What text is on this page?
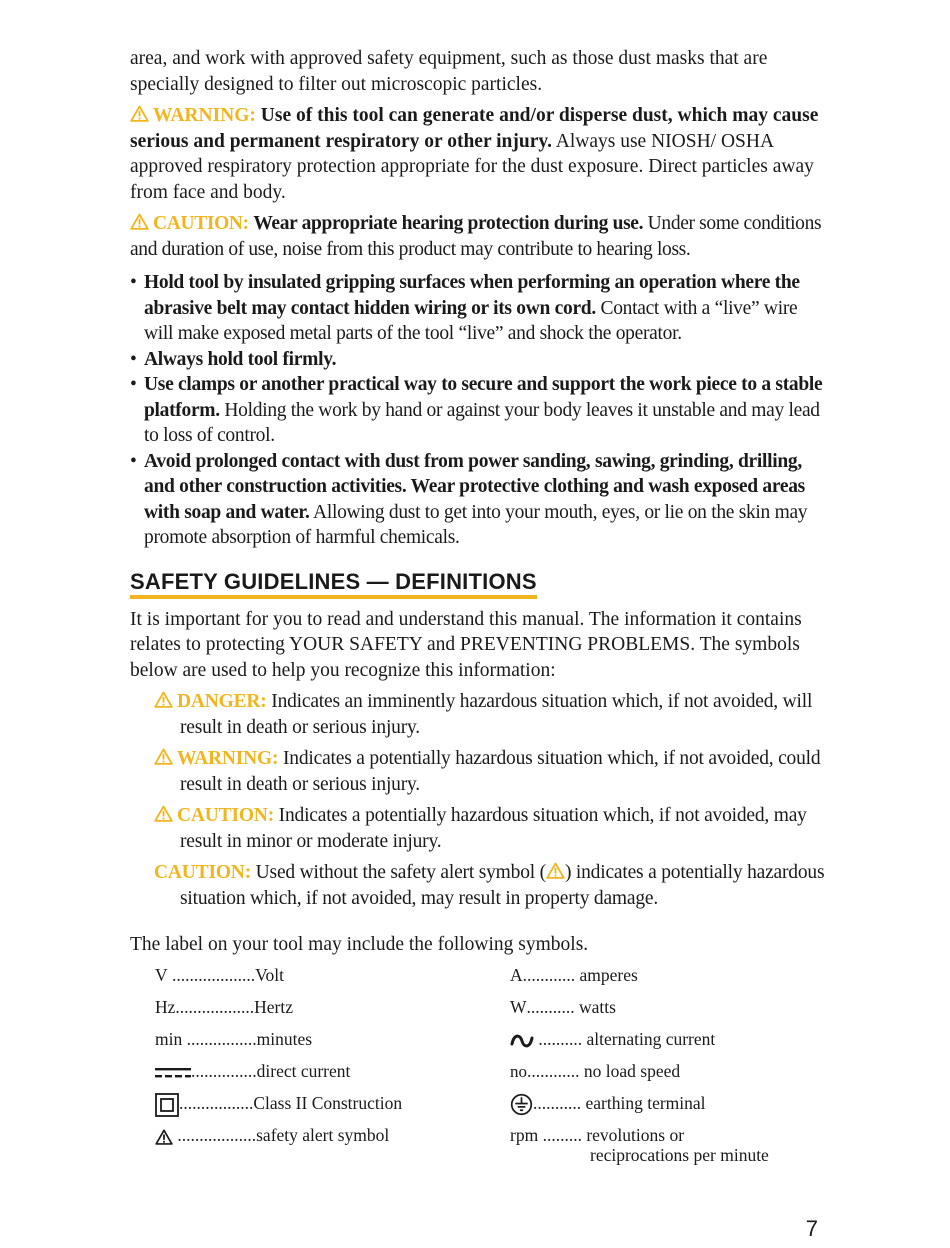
area, and work with approved safety equipment, such as those dust masks that are specially designed to filter out microscopic particles.

WARNING: Use of this tool can generate and/or disperse dust, which may cause serious and permanent respiratory or other injury. Always use NIOSH/ OSHA approved respiratory protection appropriate for the dust exposure. Direct particles away from face and body.

CAUTION: Wear appropriate hearing protection during use. Under some conditions and duration of use, noise from this product may contribute to hearing loss.

• Hold tool by insulated gripping surfaces when performing an operation where the abrasive belt may contact hidden wiring or its own cord. Contact with a “live” wire will make exposed metal parts of the tool “live” and shock the operator.
• Always hold tool firmly.
• Use clamps or another practical way to secure and support the work piece to a stable platform. Holding the work by hand or against your body leaves it unstable and may lead to loss of control.
• Avoid prolonged contact with dust from power sanding, sawing, grinding, drilling, and other construction activities. Wear protective clothing and wash exposed areas with soap and water. Allowing dust to get into your mouth, eyes, or lie on the skin may promote absorption of harmful chemicals.
SAFETY GUIDELINES — DEFINITIONS

It is important for you to read and understand this manual. The information it contains relates to protecting YOUR SAFETY and PREVENTING PROBLEMS. The symbols below are used to help you recognize this information:

DANGER: Indicates an imminently hazardous situation which, if not avoided, will result in death or serious injury.

WARNING: Indicates a potentially hazardous situation which, if not avoided, could result in death or serious injury.

CAUTION: Indicates a potentially hazardous situation which, if not avoided, may result in minor or moderate injury.

CAUTION: Used without the safety alert symbol ( ) indicates a potentially hazardous situation which, if not avoided, may result in property damage.

The label on your tool may include the following symbols.

V ...................Volt
Hz..................Hertz
min ................minutes
...............direct current
.................Class II Construction
..................safety alert symbol
A............ amperes
W........... watts
.......... alternating current
no............ no load speed
........... earthing terminal
rpm ......... revolutions or
reciprocations per minute
7
